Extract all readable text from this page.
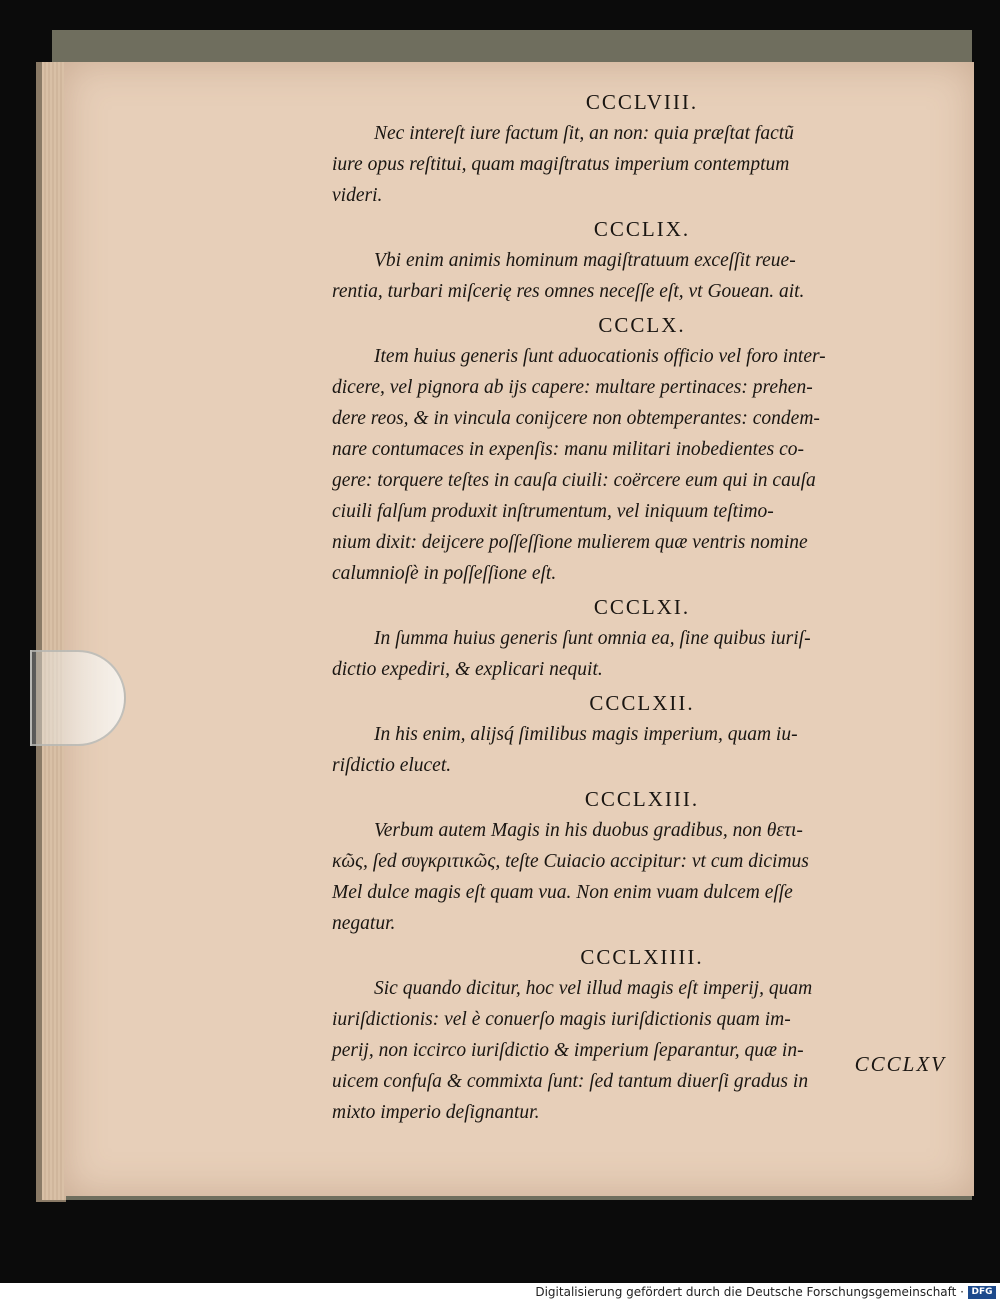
CCCLVIII.

Nec intereſt iure factum ſit, an non: quia præſtat factũ
iure opus reſtitui, quam magiſtratus imperium contemptum
videri.

CCCLIX.

Vbi enim animis hominum magiſtratuum exceſſit reue-
rentia, turbari miſcerię res omnes neceſſe eſt, vt Gouean. ait.

CCCLX.

Item huius generis ſunt aduocationis officio vel foro inter-
dicere, vel pignora ab ijs capere: multare pertinaces: prehen-
dere reos, & in vincula conijcere non obtemperantes: condem-
nare contumaces in expenſis: manu militari inobedientes co-
gere: torquere teſtes in cauſa ciuili: coërcere eum qui in cauſa
ciuili falſum produxit inſtrumentum, vel iniquum teſtimo-
nium dixit: deijcere poſſeſſione mulierem quæ ventris nomine
calumnioſè in poſſeſſione eſt.

CCCLXI.

In ſumma huius generis ſunt omnia ea, ſine quibus iuriſ-
dictio expediri, & explicari nequit.

CCCLXII.

In his enim, alijsq́ ſimilibus magis imperium, quam iu-
riſdictio elucet.

CCCLXIII.

Verbum autem Magis in his duobus gradibus, non θετι-
κῶς, ſed συγκριτικῶς, teſte Cuiacio accipitur: vt cum dicimus
Mel dulce magis eſt quam vua. Non enim vuam dulcem eſſe
negatur.

CCCLXIIII.

Sic quando dicitur, hoc vel illud magis eſt imperij, quam
iuriſdictionis: vel è conuerſo magis iuriſdictionis quam im-
perij, non iccirco iuriſdictio & imperium ſeparantur, quæ in-
uicem confuſa & commixta ſunt: ſed tantum diuerſi gradus in
mixto imperio deſignantur.

CCCLXV
Digitalisierung gefördert durch die Deutsche Forschungsgemeinschaft · DFG
